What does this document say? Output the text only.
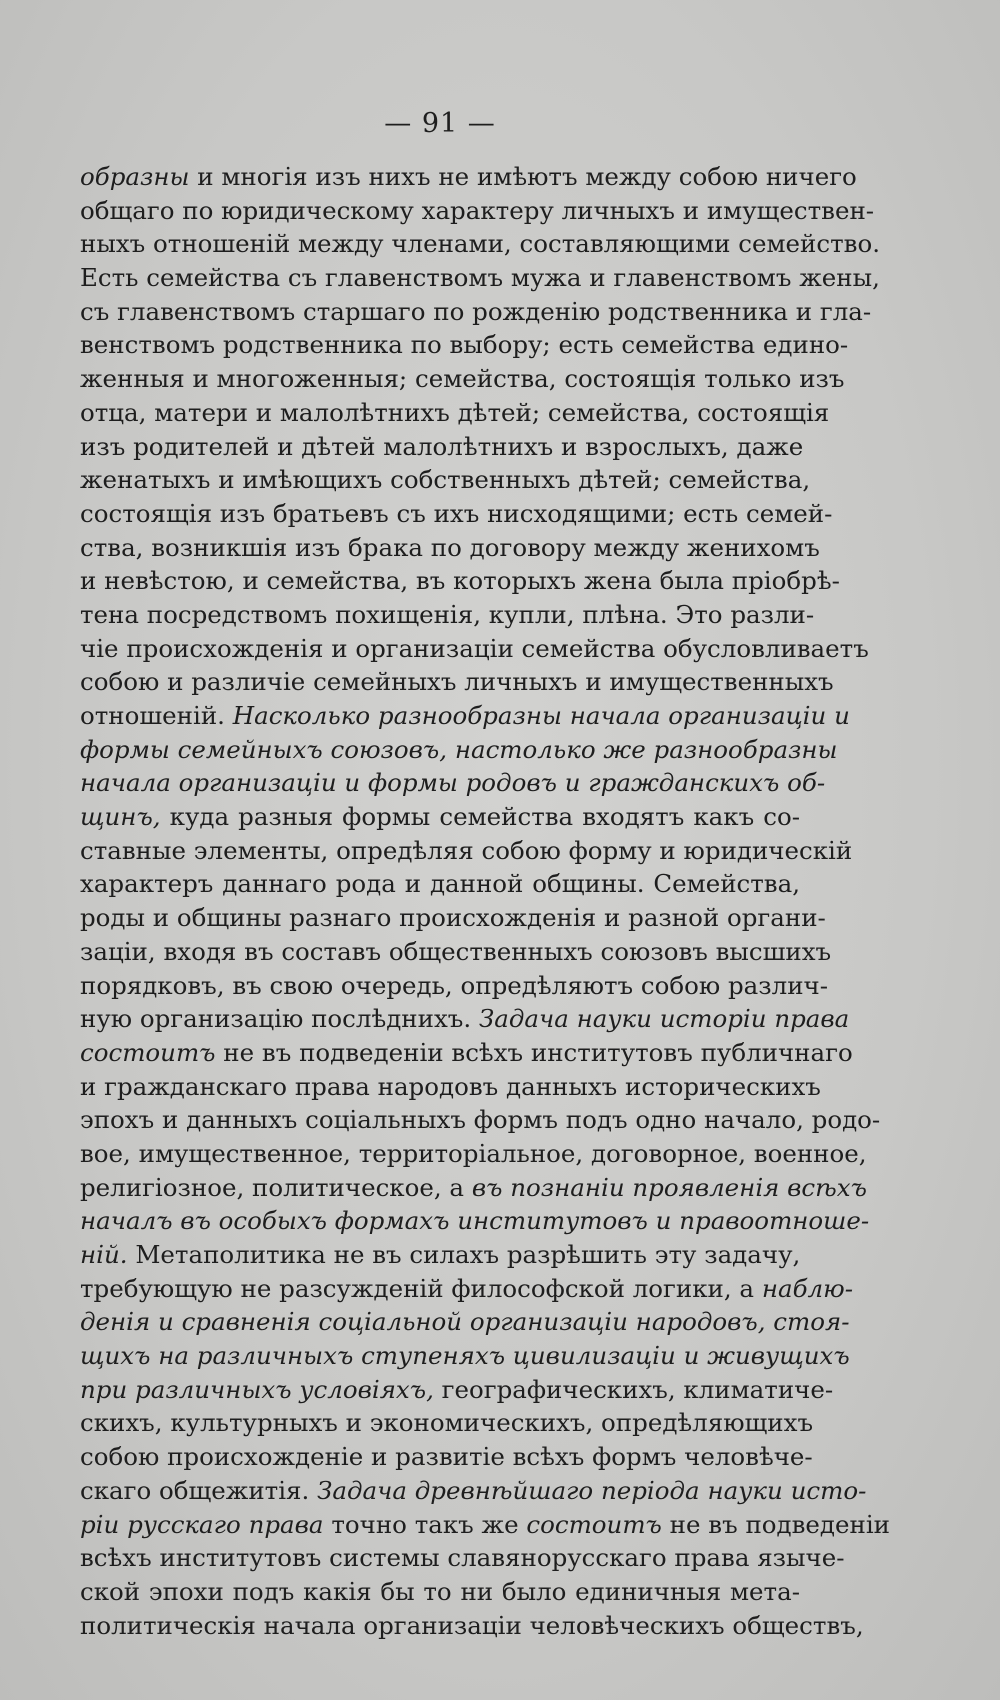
— 91 —
образны и многія изъ нихъ не имѣютъ между собою ничего
общаго по юридическому характеру личныхъ и имуществен-
ныхъ отношеній между членами, составляющими семейство.
Есть семейства съ главенствомъ мужа и главенствомъ жены,
съ главенствомъ старшаго по рожденію родственника и гла-
венствомъ родственника по выбору; есть семейства едино-
женныя и многоженныя; семейства, состоящія только изъ
отца, матери и малолѣтнихъ дѣтей; семейства, состоящія
изъ родителей и дѣтей малолѣтнихъ и взрослыхъ, даже
женатыхъ и имѣющихъ собственныхъ дѣтей; семейства,
состоящія изъ братьевъ съ ихъ нисходящими; есть семей-
ства, возникшія изъ брака по договору между женихомъ
и невѣстою, и семейства, въ которыхъ жена была пріобрѣ-
тена посредствомъ похищенія, купли, плѣна. Это разли-
чіе происхожденія и организаціи семейства обусловливаетъ
собою и различіе семейныхъ личныхъ и имущественныхъ
отношеній. Насколько разнообразны начала организаціи и
формы семейныхъ союзовъ, настолько же разнообразны
начала организаціи и формы родовъ и гражданскихъ об-
щинъ, куда разныя формы семейства входятъ какъ со-
ставные элементы, опредѣляя собою форму и юридическій
характеръ даннаго рода и данной общины. Семейства,
роды и общины разнаго происхожденія и разной органи-
заціи, входя въ составъ общественныхъ союзовъ высшихъ
порядковъ, въ свою очередь, опредѣляютъ собою различ-
ную организацію послѣднихъ. Задача науки исторіи права
состоитъ не въ подведеніи всѣхъ институтовъ публичнаго
и гражданскаго права народовъ данныхъ историческихъ
эпохъ и данныхъ соціальныхъ формъ подъ одно начало, родо-
вое, имущественное, территоріальное, договорное, военное,
религіозное, политическое, а въ познаніи проявленія всѣхъ
началъ въ особыхъ формахъ институтовъ и правоотноше-
ній. Метаполитика не въ силахъ разрѣшить эту задачу,
требующую не разсужденій философской логики, а наблю-
денія и сравненія соціальной организаціи народовъ, стоя-
щихъ на различныхъ ступеняхъ цивилизаціи и живущихъ
при различныхъ условіяхъ, географическихъ, климатиче-
скихъ, культурныхъ и экономическихъ, опредѣляющихъ
собою происхожденіе и развитіе всѣхъ формъ человѣче-
скаго общежитія. Задача древнѣйшаго періода науки исто-
ріи русскаго права точно такъ же состоитъ не въ подведеніи
всѣхъ институтовъ системы славянорусскаго права языче-
ской эпохи подъ какія бы то ни было единичныя мета-
политическія начала организаціи человѣческихъ обществъ,
